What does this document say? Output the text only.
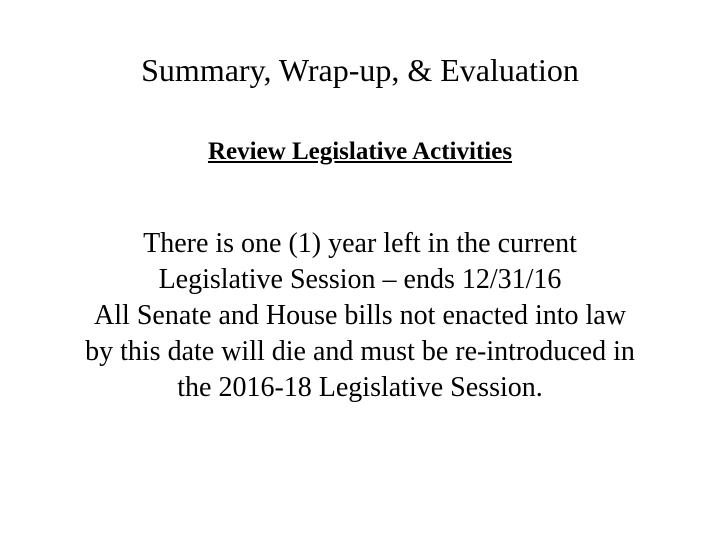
Summary, Wrap-up, & Evaluation
Review Legislative Activities
There is one (1) year left in the current
Legislative Session – ends 12/31/16
All Senate and House bills not enacted into law
by this date will die and must be re-introduced in
the 2016-18 Legislative Session.
